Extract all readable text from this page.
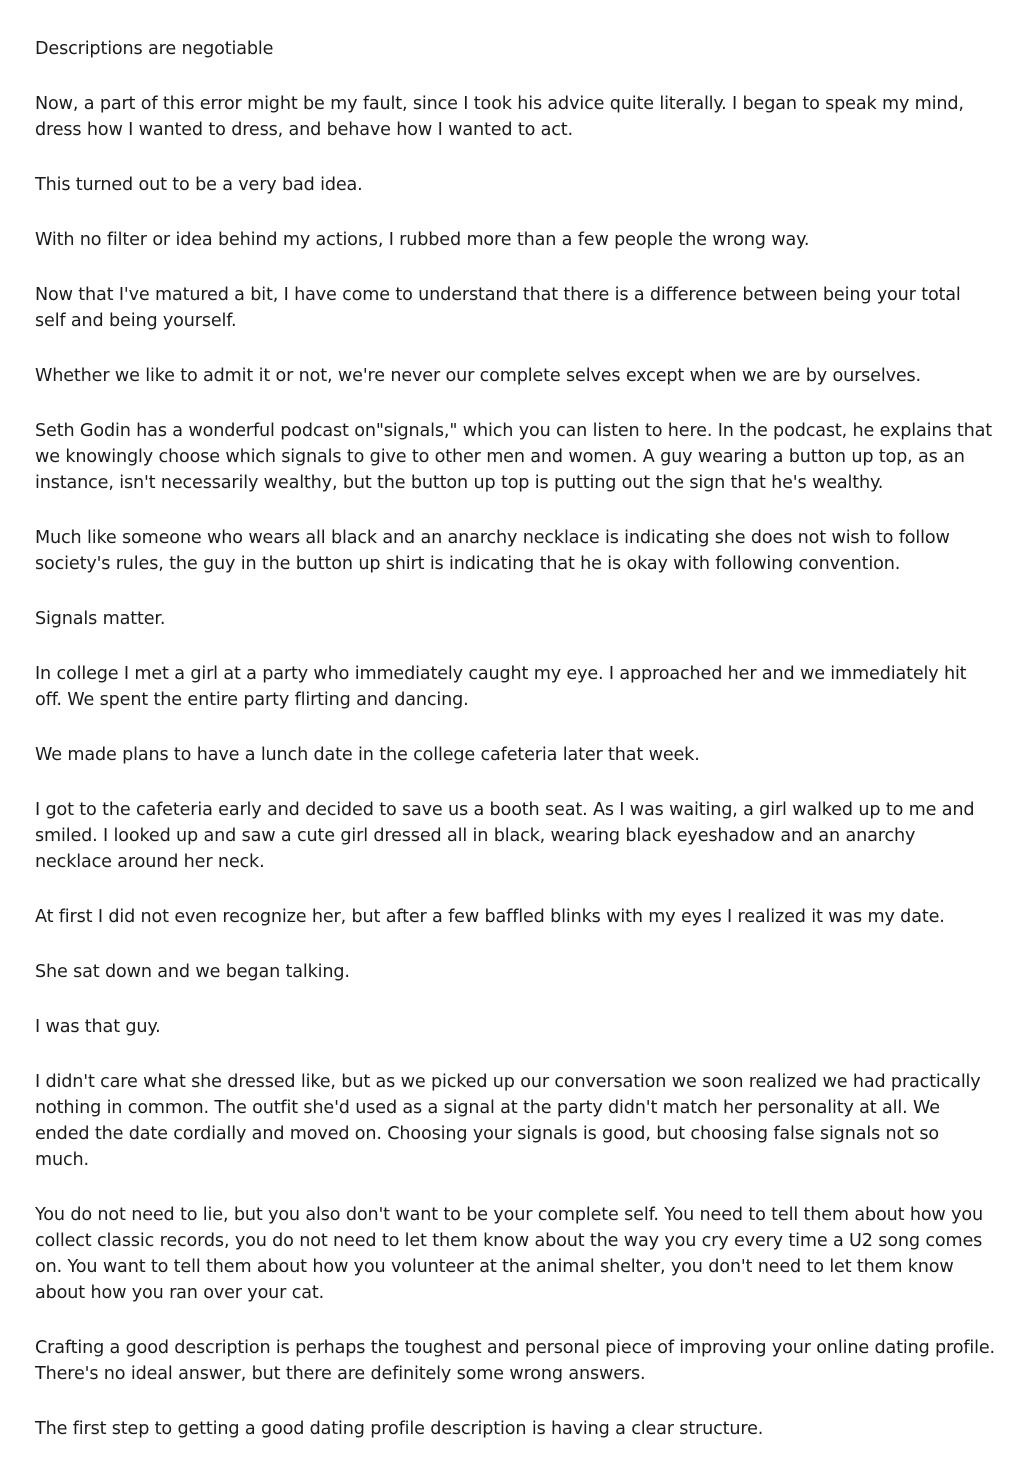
Descriptions are negotiable

Now, a part of this error might be my fault, since I took his advice quite literally. I began to speak my mind, dress how I wanted to dress, and behave how I wanted to act.

This turned out to be a very bad idea.

With no filter or idea behind my actions, I rubbed more than a few people the wrong way.

Now that I've matured a bit, I have come to understand that there is a difference between being your total self and being yourself.

Whether we like to admit it or not, we're never our complete selves except when we are by ourselves.

Seth Godin has a wonderful podcast on"signals," which you can listen to here. In the podcast, he explains that we knowingly choose which signals to give to other men and women. A guy wearing a button up top, as an instance, isn't necessarily wealthy, but the button up top is putting out the sign that he's wealthy.

Much like someone who wears all black and an anarchy necklace is indicating she does not wish to follow society's rules, the guy in the button up shirt is indicating that he is okay with following convention.

Signals matter.

In college I met a girl at a party who immediately caught my eye. I approached her and we immediately hit off. We spent the entire party flirting and dancing.

We made plans to have a lunch date in the college cafeteria later that week.

I got to the cafeteria early and decided to save us a booth seat. As I was waiting, a girl walked up to me and smiled. I looked up and saw a cute girl dressed all in black, wearing black eyeshadow and an anarchy necklace around her neck.

At first I did not even recognize her, but after a few baffled blinks with my eyes I realized it was my date.

She sat down and we began talking.

I was that guy.

I didn't care what she dressed like, but as we picked up our conversation we soon realized we had practically nothing in common. The outfit she'd used as a signal at the party didn't match her personality at all. We ended the date cordially and moved on. Choosing your signals is good, but choosing false signals not so much.

You do not need to lie, but you also don't want to be your complete self. You need to tell them about how you collect classic records, you do not need to let them know about the way you cry every time a U2 song comes on. You want to tell them about how you volunteer at the animal shelter, you don't need to let them know about how you ran over your cat.

Crafting a good description is perhaps the toughest and personal piece of improving your online dating profile. There's no ideal answer, but there are definitely some wrong answers.

The first step to getting a good dating profile description is having a clear structure.
